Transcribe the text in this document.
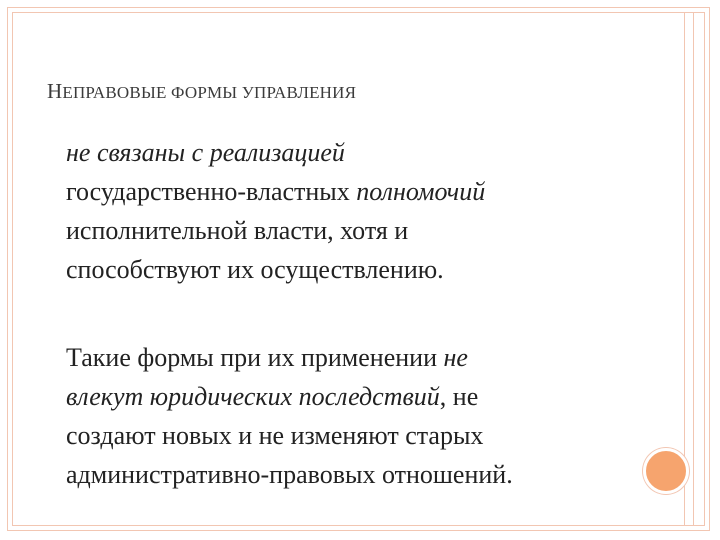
НЕПРАВОВЫЕ ФОРМЫ УПРАВЛЕНИЯ
не связаны с реализацией
государственно-властных полномочий
исполнительной власти, хотя и
способствуют их осуществлению.
Такие формы при их применении не
влекут юридических последствий, не
создают новых и не изменяют старых
административно-правовых отношений.
